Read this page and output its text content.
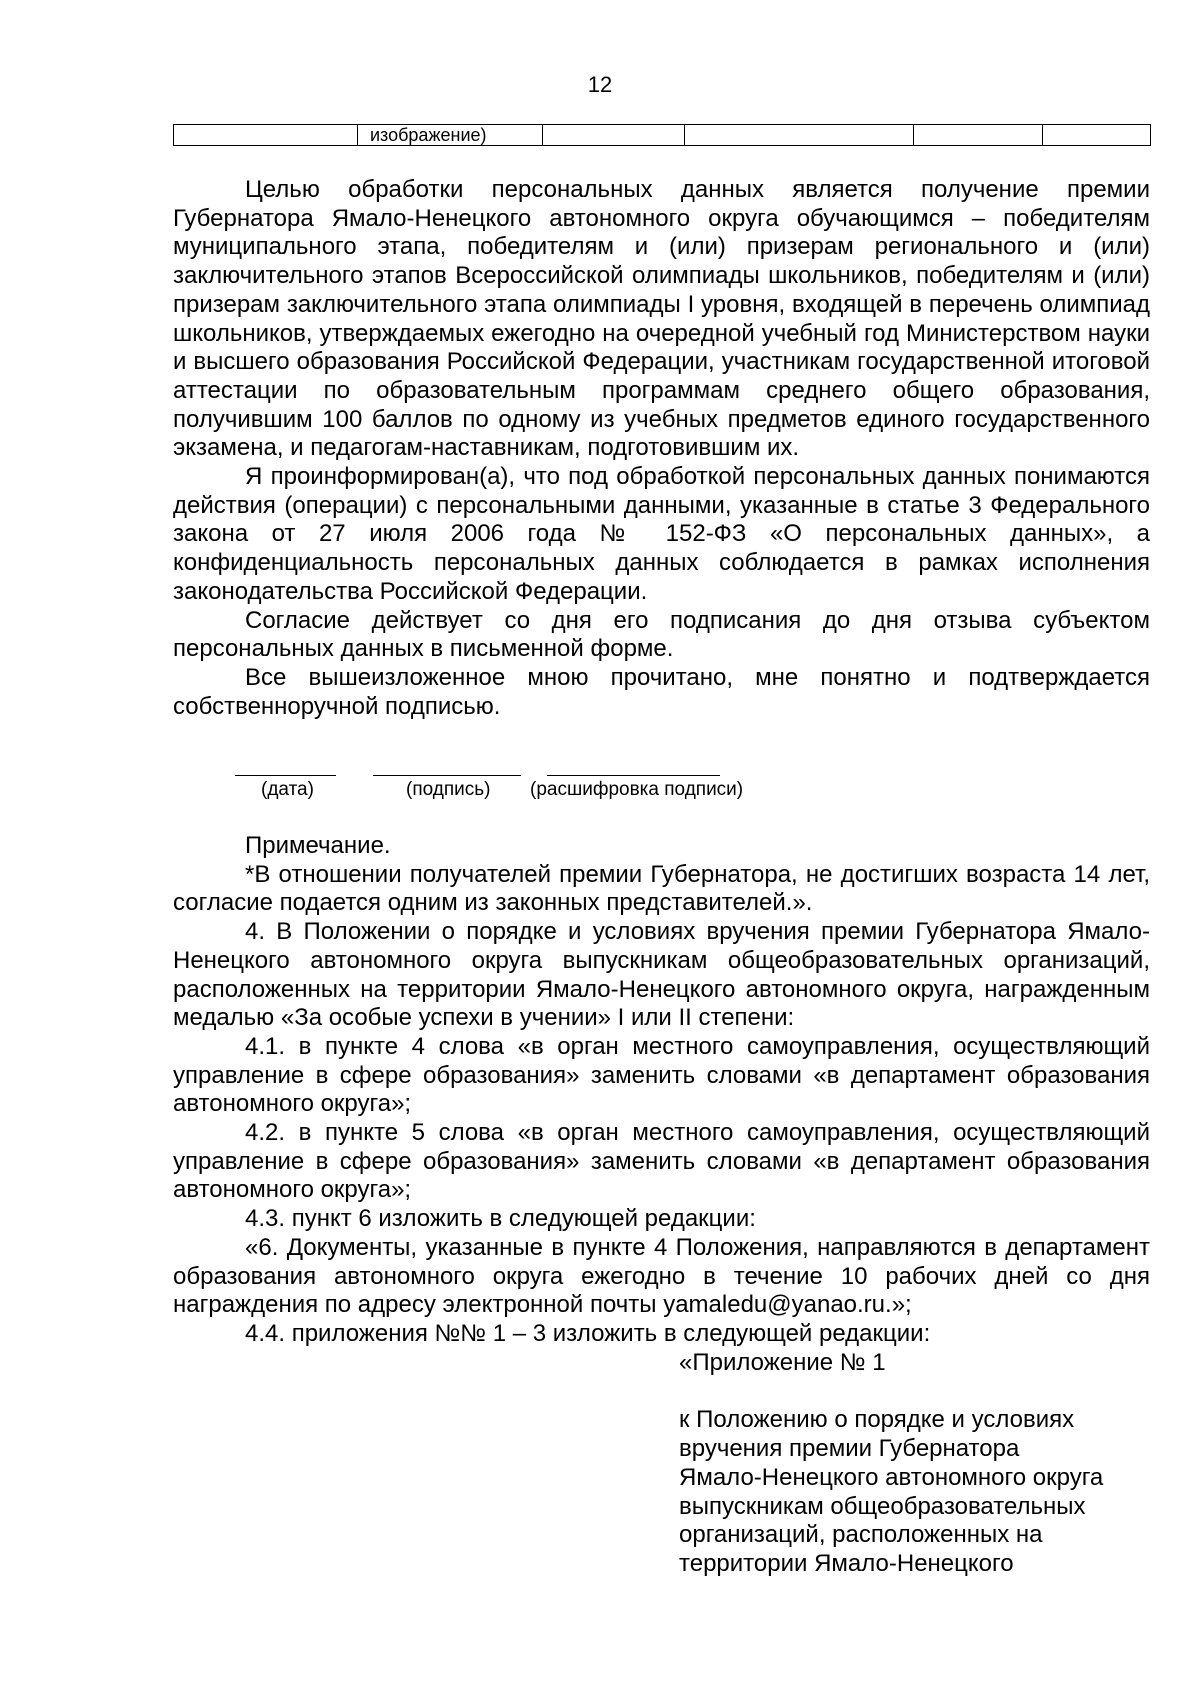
12
	изображение)				

Целью обработки персональных данных является получение премии Губернатора Ямало-Ненецкого автономного округа обучающимся – победителям муниципального этапа, победителям и (или) призерам регионального и (или) заключительного этапов Всероссийской олимпиады школьников, победителям и (или) призерам заключительного этапа олимпиады I уровня, входящей в перечень олимпиад школьников, утверждаемых ежегодно на очередной учебный год Министерством науки и высшего образования Российской Федерации, участникам государственной итоговой аттестации по образовательным программам среднего общего образования, получившим 100 баллов по одному из учебных предметов единого государственного экзамена, и педагогам-наставникам, подготовившим их.

Я проинформирован(а), что под обработкой персональных данных понимаются действия (операции) с персональными данными, указанные в статье 3 Федерального закона от 27 июля 2006 года № 152-ФЗ «О персональных данных», а конфиденциальность персональных данных соблюдается в рамках исполнения законодательства Российской Федерации.

Согласие действует со дня его подписания до дня отзыва субъектом персональных данных в письменной форме.

Все вышеизложенное мною прочитано, мне понятно и подтверждается собственноручной подписью.

(дата)	(подпись) (расшифровка подписи)

Примечание.

*В отношении получателей премии Губернатора, не достигших возраста 14 лет, согласие подается одним из законных представителей.».

4. В Положении о порядке и условиях вручения премии Губернатора Ямало-Ненецкого автономного округа выпускникам общеобразовательных организаций, расположенных на территории Ямало-Ненецкого автономного округа, награжденным медалью «За особые успехи в учении» I или II степени:

4.1. в пункте 4 слова «в орган местного самоуправления, осуществляющий управление в сфере образования» заменить словами «в департамент образования автономного округа»;

4.2. в пункте 5 слова «в орган местного самоуправления, осуществляющий управление в сфере образования» заменить словами «в департамент образования автономного округа»;

4.3. пункт 6 изложить в следующей редакции:

«6. Документы, указанные в пункте 4 Положения, направляются в департамент образования автономного округа ежегодно в течение 10 рабочих дней со дня награждения по адресу электронной почты yamaledu@yanao.ru.»;

4.4. приложения №№ 1 – 3 изложить в следующей редакции:

«Приложение № 1

к Положению о порядке и условиях

вручения премии Губернатора

Ямало-Ненецкого автономного округа

выпускникам общеобразовательных

организаций, расположенных на

территории Ямало-Ненецкого
